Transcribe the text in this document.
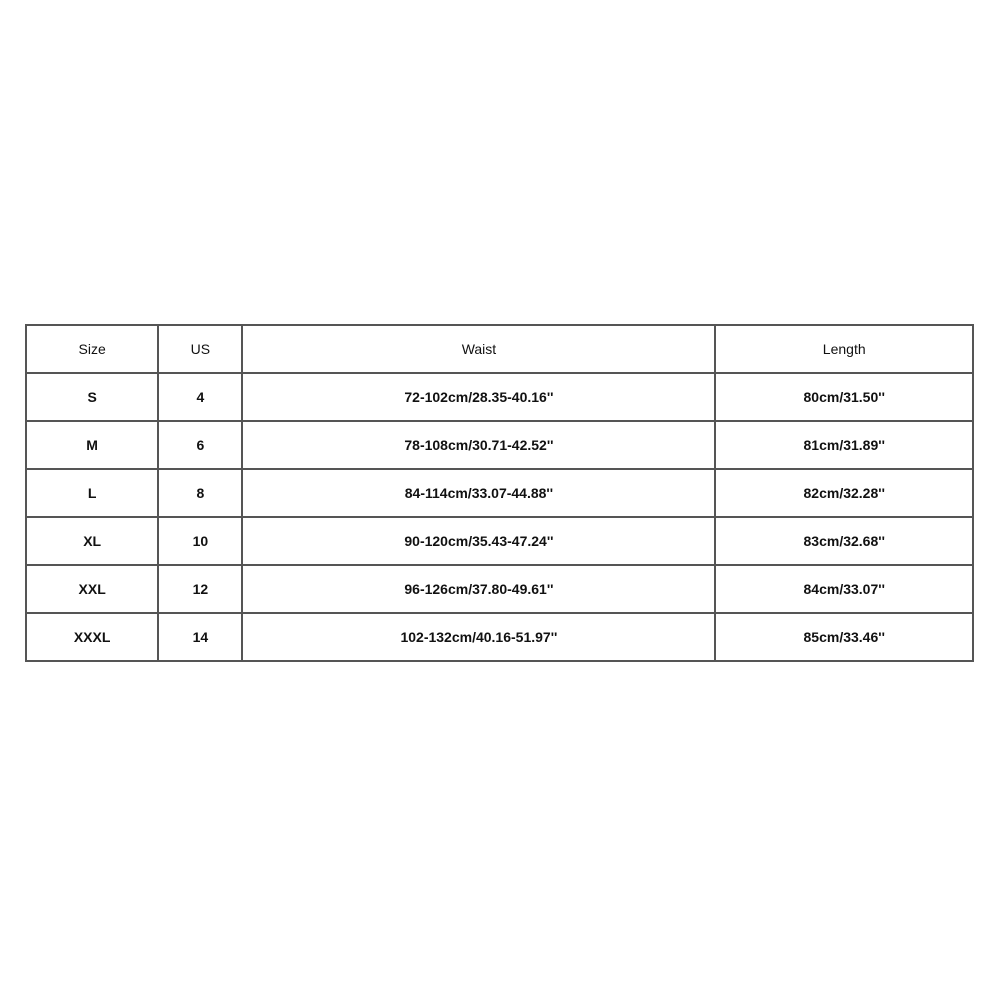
Size	US	Waist	Length
S	4	72-102cm/28.35-40.16''	80cm/31.50''
M	6	78-108cm/30.71-42.52''	81cm/31.89''
L	8	84-114cm/33.07-44.88''	82cm/32.28''
XL	10	90-120cm/35.43-47.24''	83cm/32.68''
XXL	12	96-126cm/37.80-49.61''	84cm/33.07''
XXXL	14	102-132cm/40.16-51.97''	85cm/33.46''
